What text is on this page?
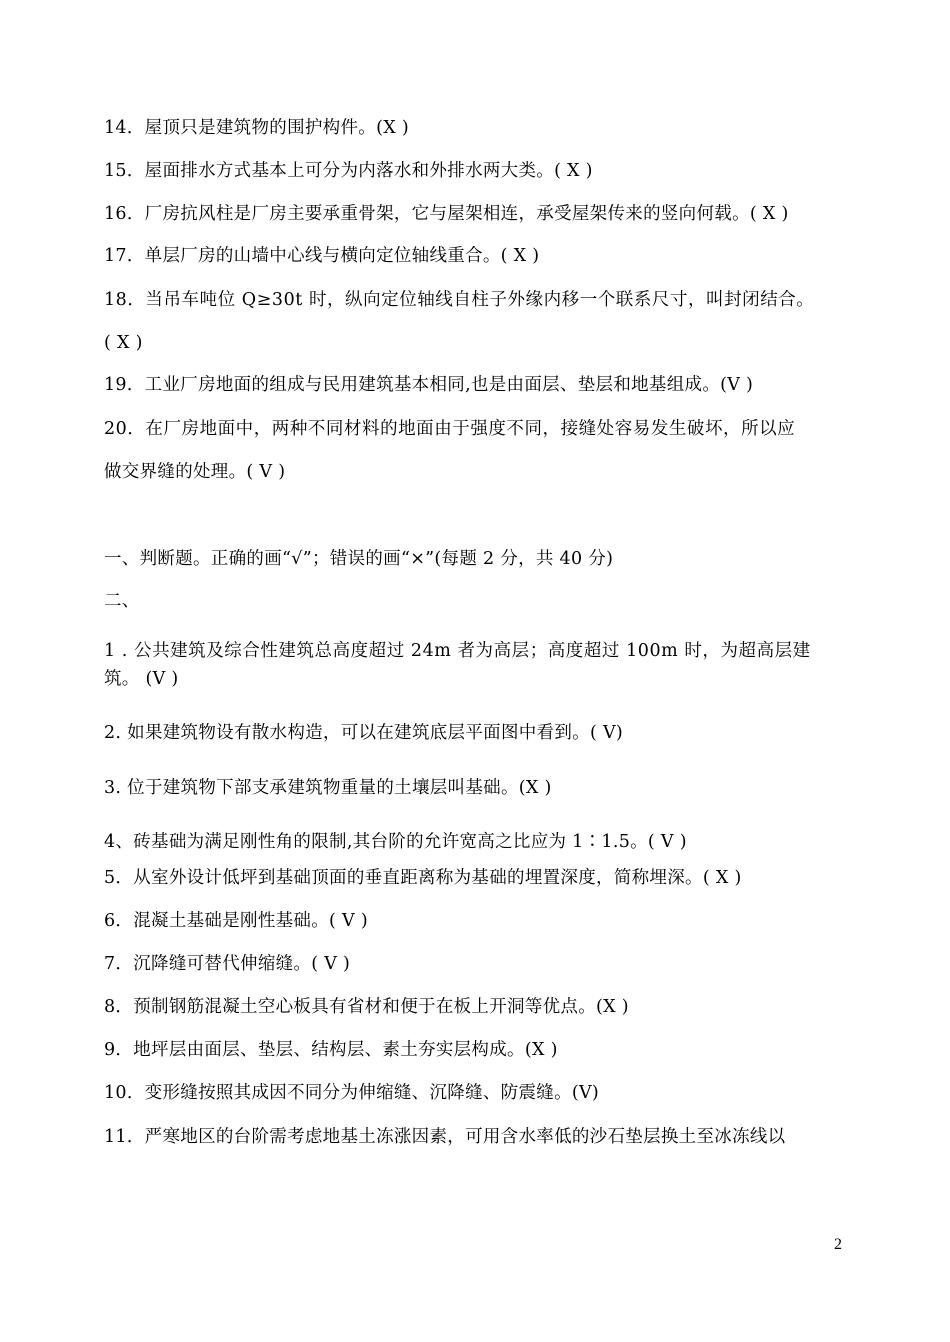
14．屋顶只是建筑物的围护构件。(X )
15．屋面排水方式基本上可分为内落水和外排水两大类。( X )
16．厂房抗风柱是厂房主要承重骨架，它与屋架相连，承受屋架传来的竖向何载。( X )
17．单层厂房的山墙中心线与横向定位轴线重合。( X )
18．当吊车吨位 Q≥30t 时，纵向定位轴线自柱子外缘内移一个联系尺寸，叫封闭结合。
( X )
19．工业厂房地面的组成与民用建筑基本相同,也是由面层、垫层和地基组成。(V )
20．在厂房地面中，两种不同材料的地面由于强度不同，接缝处容易发生破坏，所以应
做交界缝的处理。( V )
一、判断题。正确的画“√”；错误的画“×”(每题 2 分，共 40 分)
二、
1 . 公共建筑及综合性建筑总高度超过 24m 者为高层；高度超过 100m 时，为超高层建
筑。 (V )
2. 如果建筑物设有散水构造，可以在建筑底层平面图中看到。( V)
3. 位于建筑物下部支承建筑物重量的土壤层叫基础。(X )
4、砖基础为满足刚性角的限制,其台阶的允许宽高之比应为 1∶1.5。( V )
5．从室外设计低坪到基础顶面的垂直距离称为基础的埋置深度，简称埋深。( X )
6．混凝土基础是刚性基础。( V )
7．沉降缝可替代伸缩缝。( V )
8．预制钢筋混凝土空心板具有省材和便于在板上开洞等优点。(X )
9．地坪层由面层、垫层、结构层、素土夯实层构成。(X )
10．变形缝按照其成因不同分为伸缩缝、沉降缝、防震缝。(V)
11．严寒地区的台阶需考虑地基土冻涨因素，可用含水率低的沙石垫层换土至冰冻线以
2
